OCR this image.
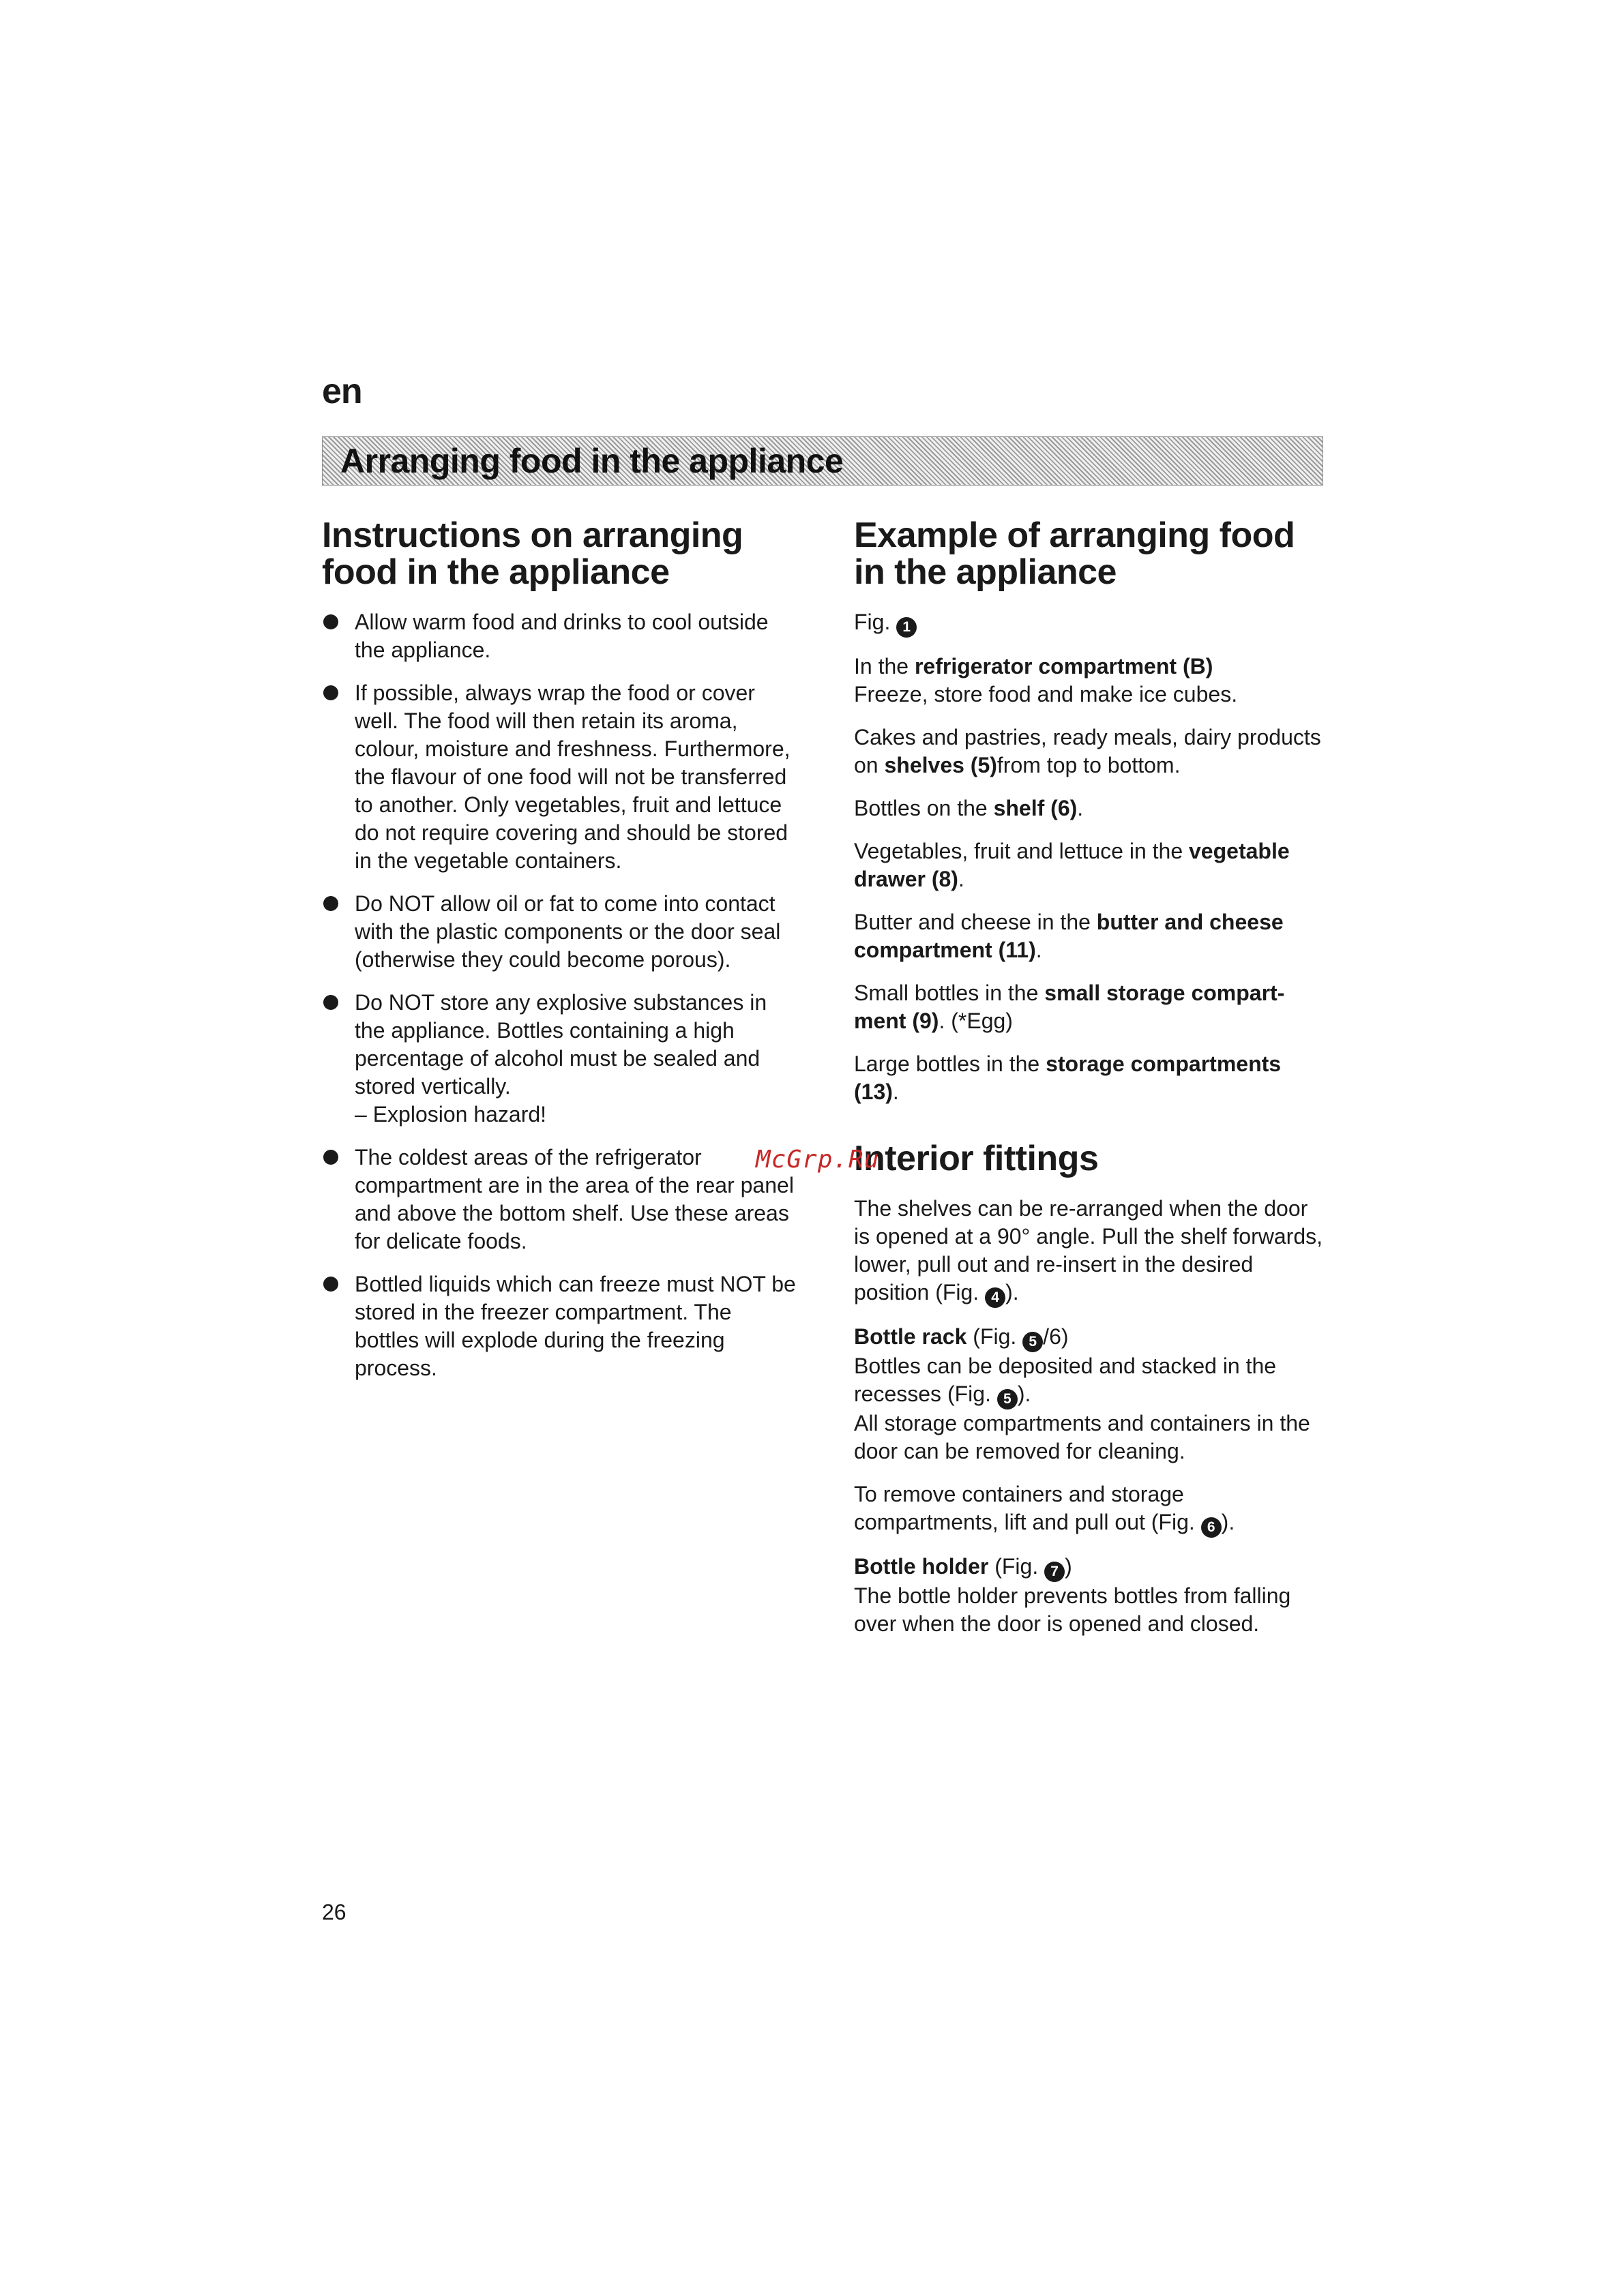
en
Arranging food in the appliance
Instructions on arranging
food in the appliance
Allow warm food and drinks to cool outside the appliance.
If possible, always wrap the food or cover well. The food will then retain its aroma, colour, moisture and freshness. Furthermore, the flavour of one food will not be transferred to another. Only vegetables, fruit and lettuce do not require covering and should be stored in the vegetable containers.
Do NOT allow oil or fat to come into contact with the plastic components or the door seal (otherwise they could become porous).
Do NOT store any explosive substances in the appliance. Bottles containing a high percentage of alcohol must be sealed and stored vertically.
– Explosion hazard!
The coldest areas of the refrigerator compartment are in the area of the rear panel and above the bottom shelf. Use these areas for delicate foods.
Bottled liquids which can freeze must NOT be stored in the freezer compartment. The bottles will explode during the freezing process.
Example of arranging food
in the appliance

Fig. 1

In the refrigerator compartment (B)
Freeze, store food and make ice cubes.

Cakes and pastries, ready meals, dairy products on shelves (5)from top to bottom.

Bottles on the shelf (6).

Vegetables, fruit and lettuce in the vegetable drawer (8).

Butter and cheese in the butter and cheese compartment (11).

Small bottles in the small storage compart-ment (9). (*Egg)

Large bottles in the storage compartments (13).

Interior fittings

The shelves can be re-arranged when the door is opened at a 90° angle. Pull the shelf forwards, lower, pull out and re-insert in the desired position (Fig. 4 ).

Bottle rack (Fig. 5 /6)
Bottles can be deposited and stacked in the recesses (Fig. 5 ).
All storage compartments and containers in the door can be removed for cleaning.

To remove containers and storage compartments, lift and pull out (Fig. 6 ).

Bottle holder (Fig. 7 )
The bottle holder prevents bottles from falling over when the door is opened and closed.

McGrp.Ru
26
